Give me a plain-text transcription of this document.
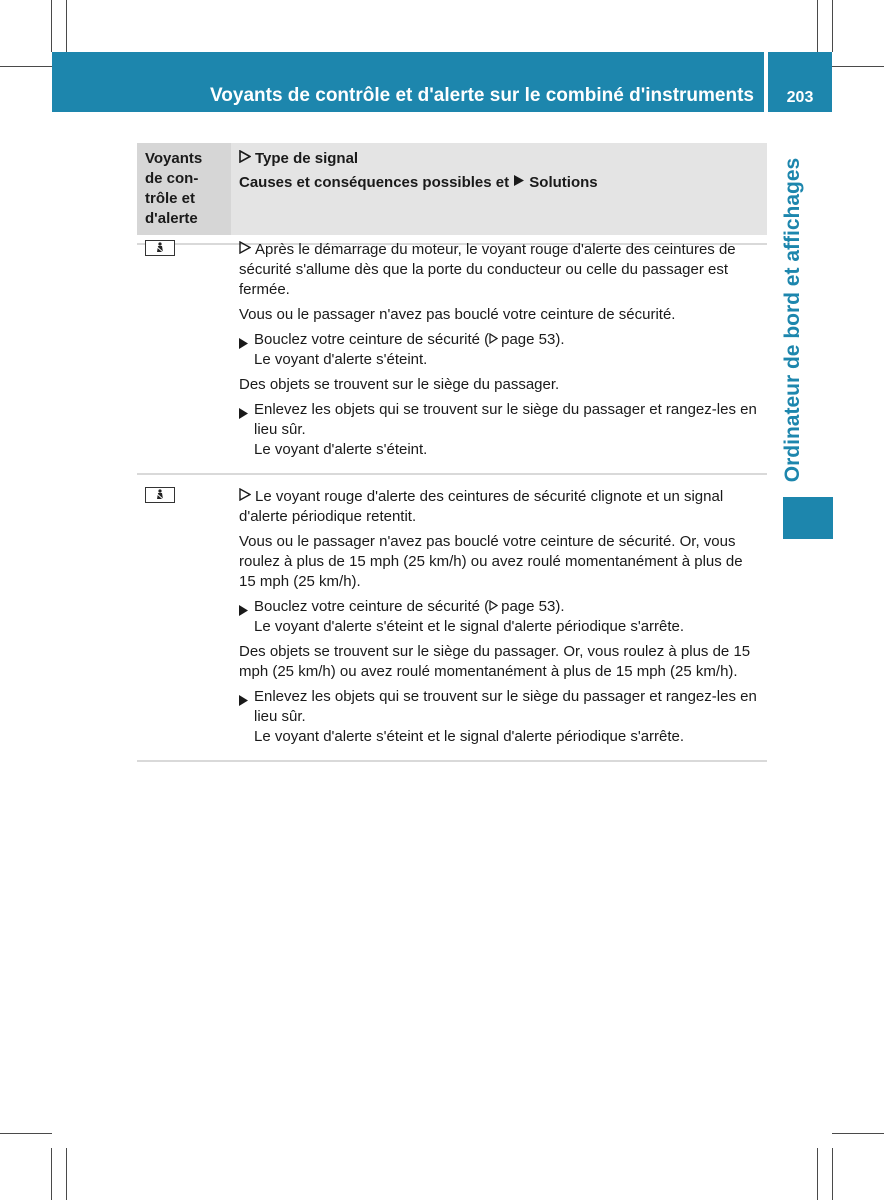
Voyants de contrôle et d'alerte sur le combiné d'instruments	203
Ordinateur de bord et affichages
Voyants
de con-
trôle et
d'alerte

Type de signal

Causes et conséquences possibles et Solutions

Après le démarrage du moteur, le voyant rouge d'alerte des ceintures de sécurité s'allume dès que la porte du conducteur ou celle du passager est fermée.

Vous ou le passager n'avez pas bouclé votre ceinture de sécurité.

Bouclez votre ceinture de sécurité ( page 53).
Le voyant d'alerte s'éteint.

Des objets se trouvent sur le siège du passager.

Enlevez les objets qui se trouvent sur le siège du passager et rangez-les en lieu sûr.
Le voyant d'alerte s'éteint.

Le voyant rouge d'alerte des ceintures de sécurité clignote et un signal d'alerte périodique retentit.

Vous ou le passager n'avez pas bouclé votre ceinture de sécurité. Or, vous roulez à plus de 15 mph (25 km/h) ou avez roulé momentanément à plus de 15 mph (25 km/h).

Bouclez votre ceinture de sécurité ( page 53).
Le voyant d'alerte s'éteint et le signal d'alerte périodique s'arrête.

Des objets se trouvent sur le siège du passager. Or, vous roulez à plus de 15 mph (25 km/h) ou avez roulé momentanément à plus de 15 mph (25 km/h).

Enlevez les objets qui se trouvent sur le siège du passager et rangez-les en lieu sûr.
Le voyant d'alerte s'éteint et le signal d'alerte périodique s'arrête.
